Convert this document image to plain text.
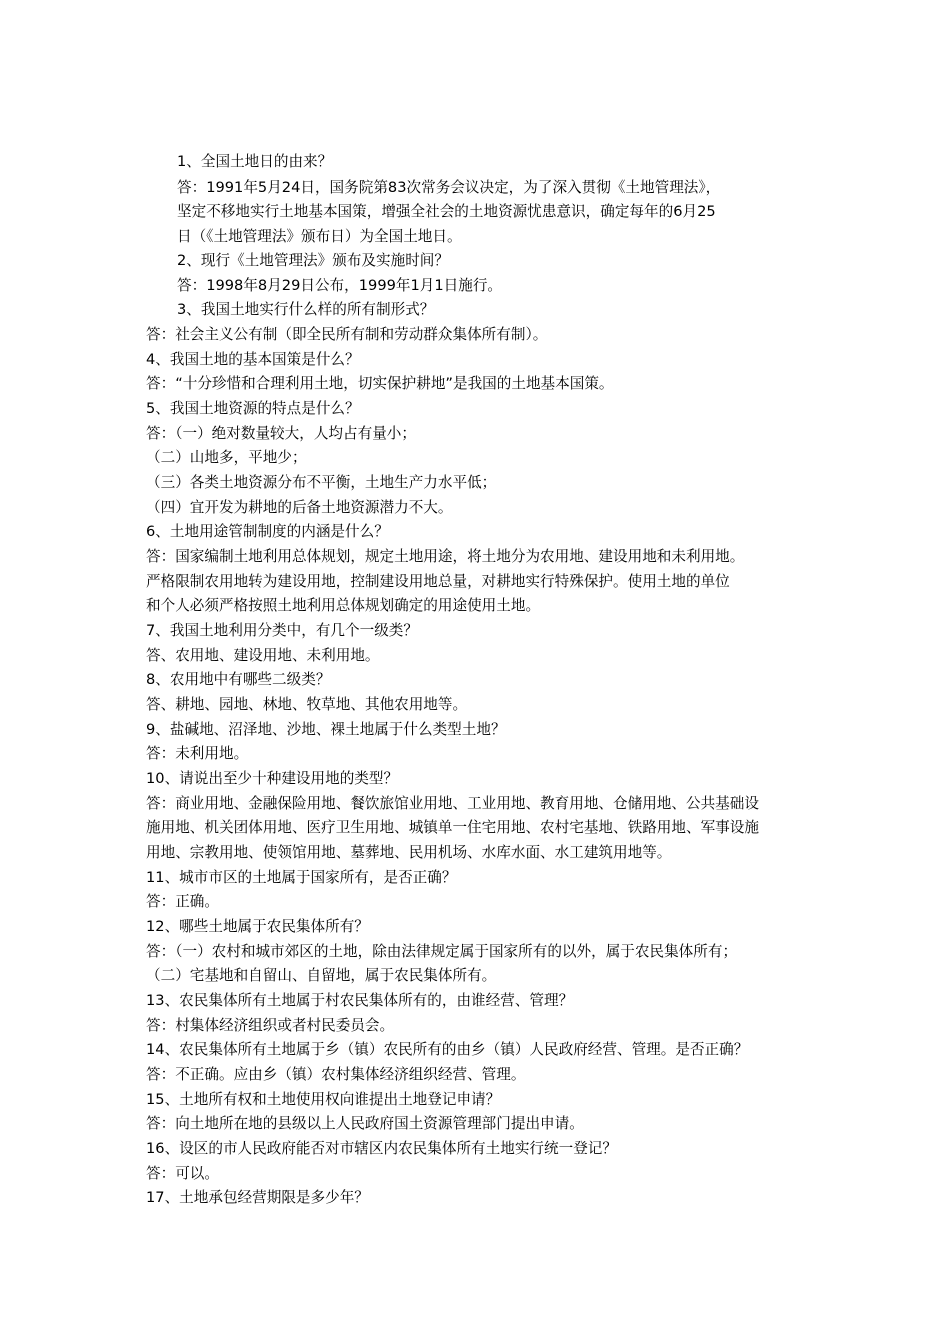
1、全国土地日的由来？
答：1991年5月24日，国务院第83次常务会议决定，为了深入贯彻《土地管理法》，
坚定不移地实行土地基本国策，增强全社会的土地资源忧患意识，确定每年的6月25
日（《土地管理法》颁布日）为全国土地日。
2、现行《土地管理法》颁布及实施时间？
答：1998年8月29日公布，1999年1月1日施行。
3、我国土地实行什么样的所有制形式？
答：社会主义公有制（即全民所有制和劳动群众集体所有制）。
4、我国土地的基本国策是什么？
答：“十分珍惜和合理利用土地，切实保护耕地”是我国的土地基本国策。
5、我国土地资源的特点是什么？
答：（一）绝对数量较大，人均占有量小；
（二）山地多，平地少；
（三）各类土地资源分布不平衡，土地生产力水平低；
（四）宜开发为耕地的后备土地资源潜力不大。
6、土地用途管制制度的内涵是什么？
答：国家编制土地利用总体规划，规定土地用途，将土地分为农用地、建设用地和未利用地。
严格限制农用地转为建设用地，控制建设用地总量，对耕地实行特殊保护。使用土地的单位
和个人必须严格按照土地利用总体规划确定的用途使用土地。
7、我国土地利用分类中，有几个一级类？
答、农用地、建设用地、未利用地。
8、农用地中有哪些二级类？
答、耕地、园地、林地、牧草地、其他农用地等。
9、盐碱地、沼泽地、沙地、裸土地属于什么类型土地？
答：未利用地。
10、请说出至少十种建设用地的类型？
答：商业用地、金融保险用地、餐饮旅馆业用地、工业用地、教育用地、仓储用地、公共基础设
施用地、机关团体用地、医疗卫生用地、城镇单一住宅用地、农村宅基地、铁路用地、军事设施
用地、宗教用地、使领馆用地、墓葬地、民用机场、水库水面、水工建筑用地等。
11、城市市区的土地属于国家所有，是否正确？
答：正确。
12、哪些土地属于农民集体所有？
答：（一）农村和城市郊区的土地，除由法律规定属于国家所有的以外，属于农民集体所有；
（二）宅基地和自留山、自留地，属于农民集体所有。
13、农民集体所有土地属于村农民集体所有的，由谁经营、管理？
答：村集体经济组织或者村民委员会。
14、农民集体所有土地属于乡（镇）农民所有的由乡（镇）人民政府经营、管理。是否正确？
答：不正确。应由乡（镇）农村集体经济组织经营、管理。
15、土地所有权和土地使用权向谁提出土地登记申请？
答：向土地所在地的县级以上人民政府国土资源管理部门提出申请。
16、设区的市人民政府能否对市辖区内农民集体所有土地实行统一登记？
答：可以。
17、土地承包经营期限是多少年？
